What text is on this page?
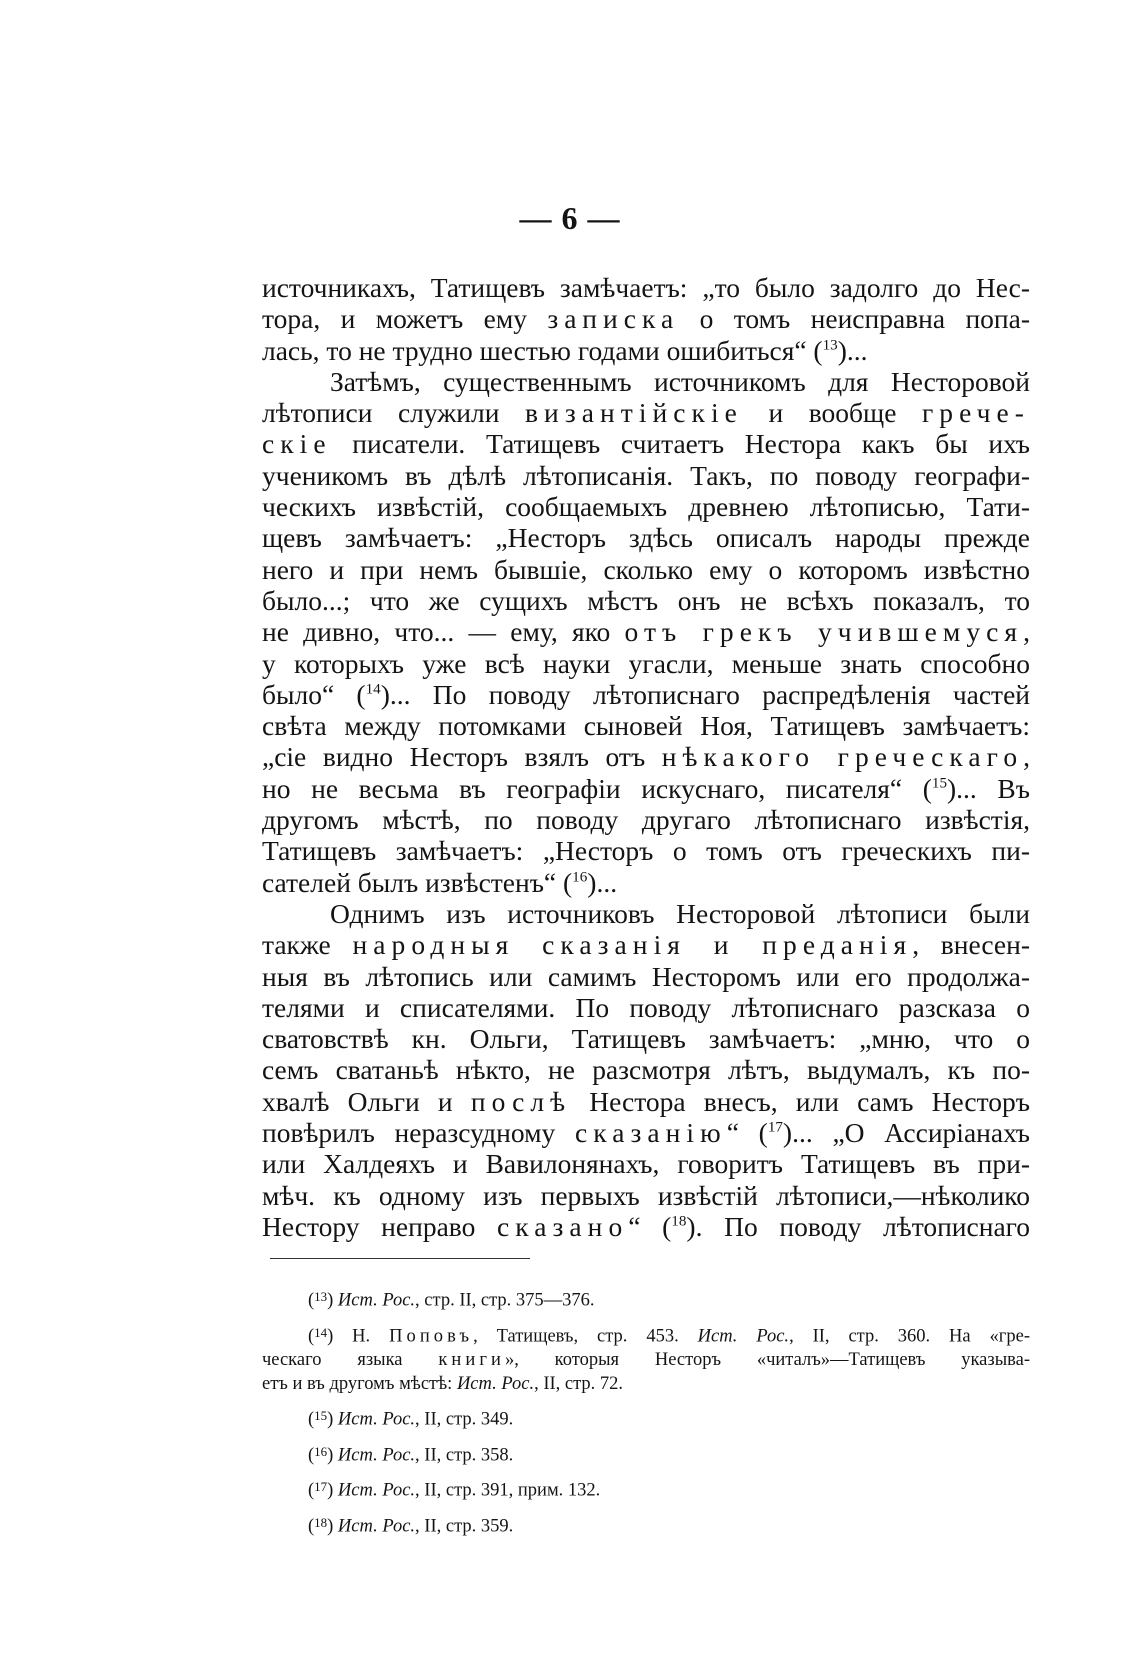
— 6 —
источникахъ, Татищевъ замѣчаетъ: „то было задолго до Нес-
тора, и можетъ ему записка о томъ неисправна попа-
лась, то не трудно шестью годами ошибиться“ ($^{13}$)...
Затѣмъ, существеннымъ источникомъ для Несторовой
лѣтописи служили византійскіе и вообще грече-
скіе писатели. Татищевъ считаетъ Нестора какъ бы ихъ
ученикомъ въ дѣлѣ лѣтописанія. Такъ, по поводу географи-
ческихъ извѣстій, сообщаемыхъ древнею лѣтописью, Тати-
щевъ замѣчаетъ: „Несторъ здѣсь описалъ народы прежде
него и при немъ бывшіе, сколько ему о которомъ извѣстно
было...; что же сущихъ мѣстъ онъ не всѣхъ показалъ, то
не дивно, что... — ему, яко отъ грекъ учившемуся,
у которыхъ уже всѣ науки угасли, меньше знать способно
было“ ($^{14}$)... По поводу лѣтописнаго распредѣленія частей
свѣта между потомками сыновей Ноя, Татищевъ замѣчаетъ:
„сіе видно Несторъ взялъ отъ нѣкакого греческаго,
но не весьма въ географіи искуснаго, писателя“ ($^{15}$)... Въ
другомъ мѣстѣ, по поводу другаго лѣтописнаго извѣстія,
Татищевъ замѣчаетъ: „Несторъ о томъ отъ греческихъ пи-
сателей былъ извѣстенъ“ ($^{16}$)...
Однимъ изъ источниковъ Несторовой лѣтописи были
также народныя сказанія и преданія, внесен-
ныя въ лѣтопись или самимъ Несторомъ или его продолжа-
телями и списателями. По поводу лѣтописнаго разсказа о
сватовствѣ кн. Ольги, Татищевъ замѣчаетъ: „мню, что о
семъ сватаньѣ нѣкто, не разсмотря лѣтъ, выдумалъ, къ по-
хвалѣ Ольги и послѣ Нестора внесъ, или самъ Несторъ
повѣрилъ неразсудному сказанію“ ($^{17}$)... „О Ассиріанахъ
или Халдеяхъ и Вавилонянахъ, говоритъ Татищевъ въ при-
мѣч. къ одному изъ первыхъ извѣстій лѣтописи,—нѣколико
Нестору неправо сказано“ ($^{18}$). По поводу лѣтописнаго
($^{13}$) Ист. Рос., стр. II, стр. 375—376.
($^{14}$) Н. Поповъ, Татищевъ, стр. 453. Ист. Рос., II, стр. 360. На «гре-
ческаго языка книги», которыя Несторъ «читалъ»—Татищевъ указыва-
етъ и въ другомъ мѣстѣ: Ист. Рос., II, стр. 72.
($^{15}$) Ист. Рос., II, стр. 349.
($^{16}$) Ист. Рос., II, стр. 358.
($^{17}$) Ист. Рос., II, стр. 391, прим. 132.
($^{18}$) Ист. Рос., II, стр. 359.
